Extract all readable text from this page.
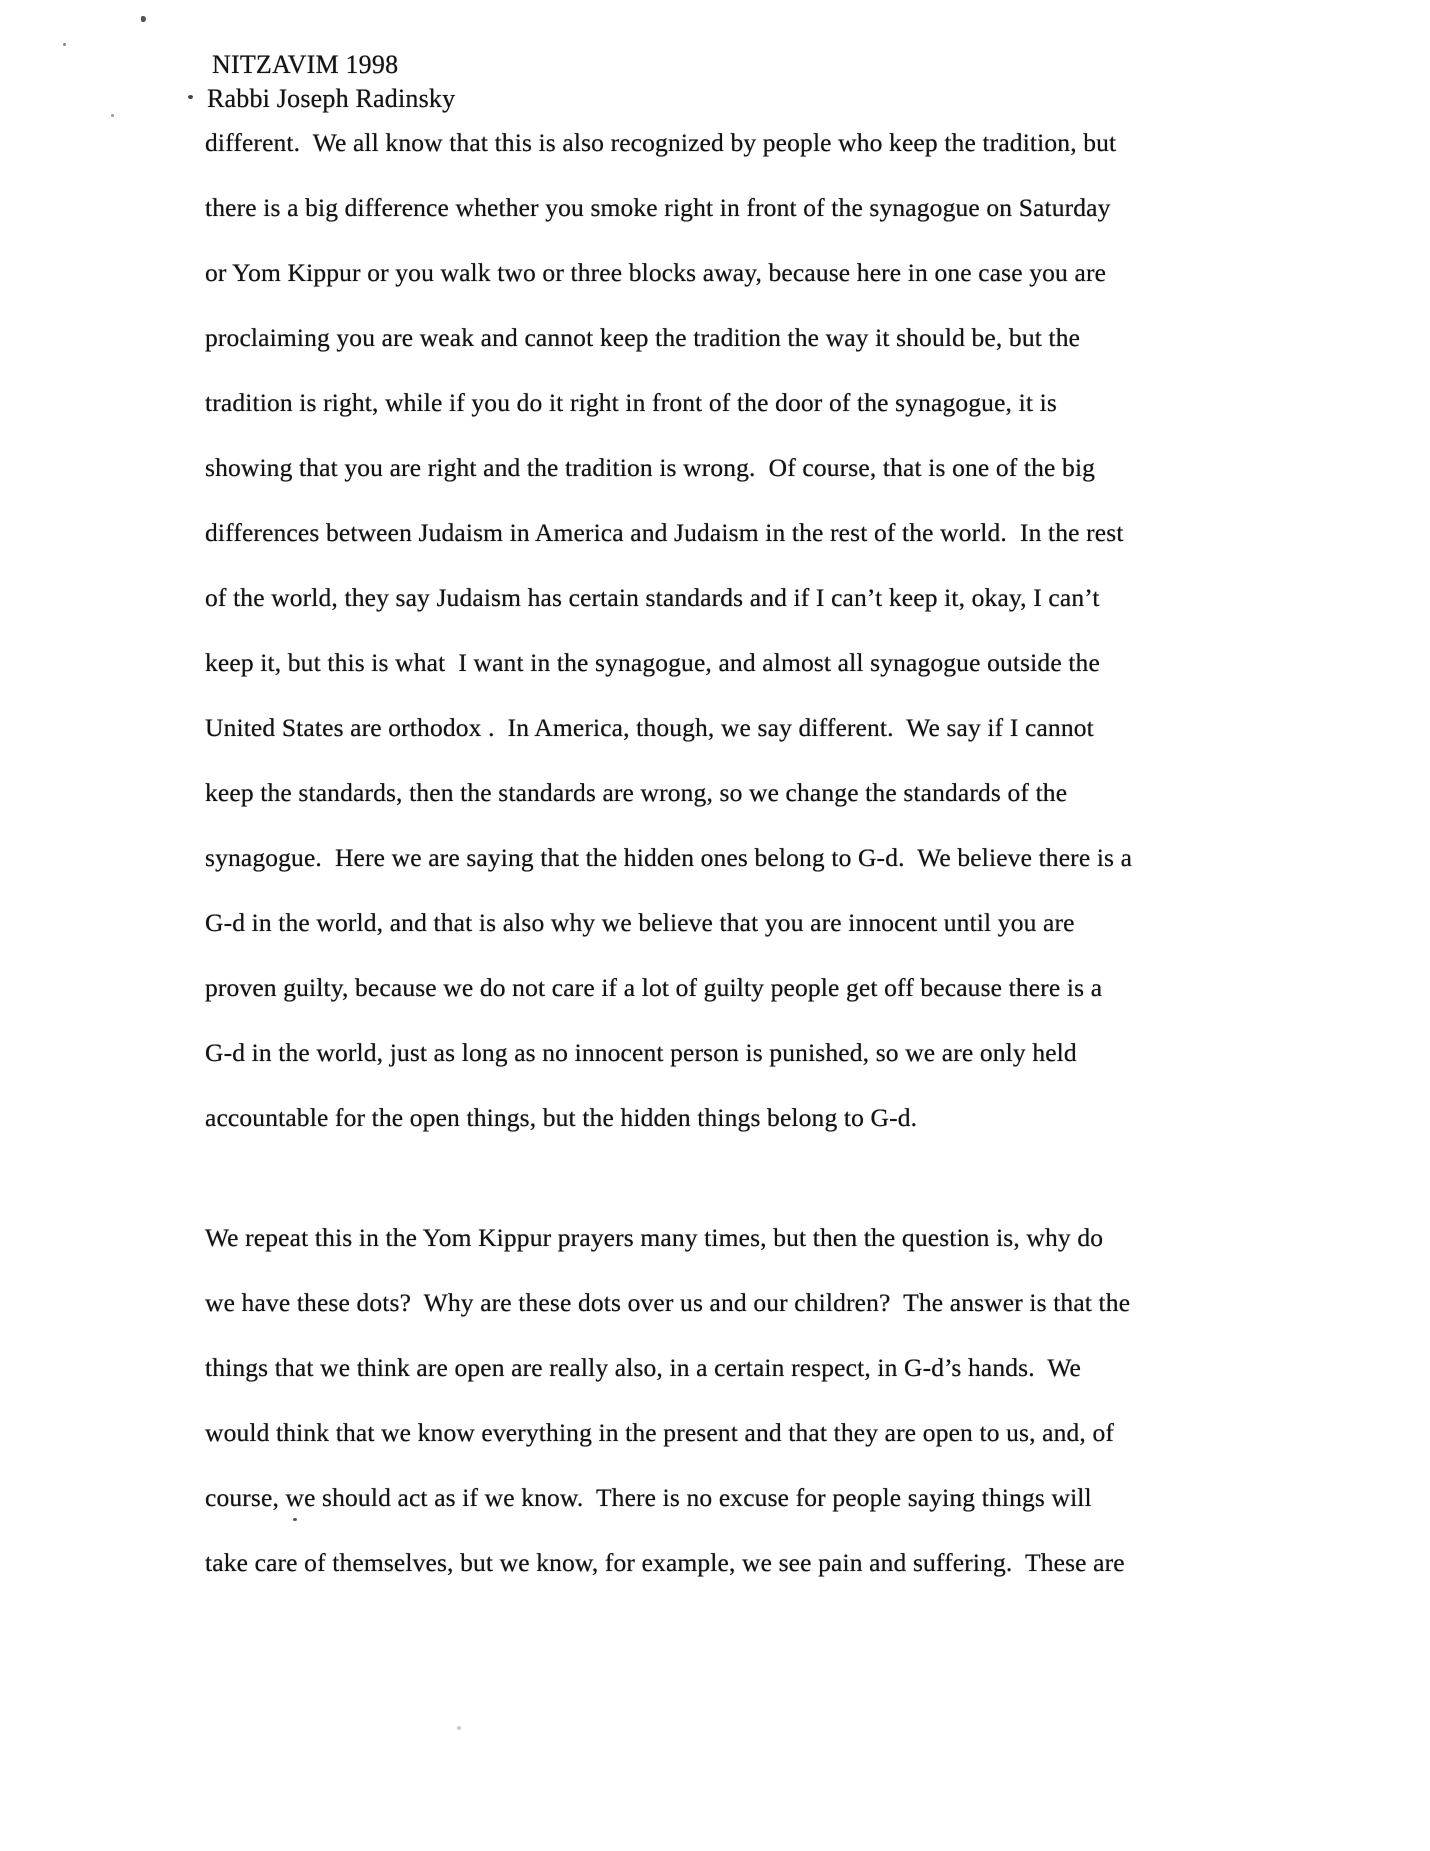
NITZAVIM 1998
Rabbi Joseph Radinsky
different.  We all know that this is also recognized by people who keep the tradition, but
there is a big difference whether you smoke right in front of the synagogue on Saturday
or Yom Kippur or you walk two or three blocks away, because here in one case you are
proclaiming you are weak and cannot keep the tradition the way it should be, but the
tradition is right, while if you do it right in front of the door of the synagogue, it is
showing that you are right and the tradition is wrong.  Of course, that is one of the big
differences between Judaism in America and Judaism in the rest of the world.  In the rest
of the world, they say Judaism has certain standards and if I can’t keep it, okay, I can’t
keep it, but this is what  I want in the synagogue, and almost all synagogue outside the
United States are orthodox .  In America, though, we say different.  We say if I cannot
keep the standards, then the standards are wrong, so we change the standards of the
synagogue.  Here we are saying that the hidden ones belong to G-d.  We believe there is a
G-d in the world, and that is also why we believe that you are innocent until you are
proven guilty, because we do not care if a lot of guilty people get off because there is a
G-d in the world, just as long as no innocent person is punished, so we are only held
accountable for the open things, but the hidden things belong to G-d.
We repeat this in the Yom Kippur prayers many times, but then the question is, why do
we have these dots?  Why are these dots over us and our children?  The answer is that the
things that we think are open are really also, in a certain respect, in G-d’s hands.  We
would think that we know everything in the present and that they are open to us, and, of
course, we should act as if we know.  There is no excuse for people saying things will
take care of themselves, but we know, for example, we see pain and suffering.  These are
